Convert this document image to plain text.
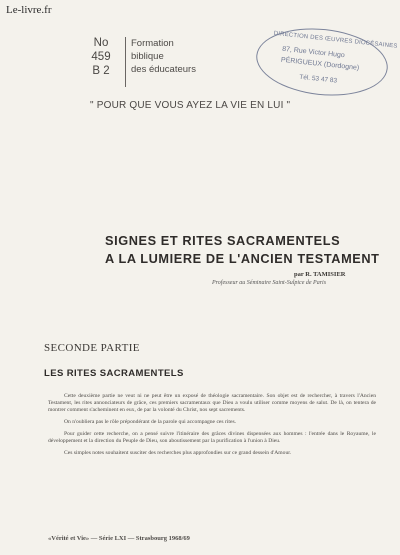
Le-livre.fr
No
459
B 2
Formation
biblique
des éducateurs
DIRECTION DES ŒUVRES DIOCÉSAINES
87, Rue Victor Hugo
PÉRIGUEUX (Dordogne)
Tél. 53 47 83
" POUR QUE VOUS AYEZ LA VIE EN LUI "
SIGNES ET RITES SACRAMENTELS
A LA LUMIERE DE L'ANCIEN TESTAMENT
par R. TAMISIER
Professeur au Séminaire Saint-Sulpice de Paris
SECONDE PARTIE
LES RITES SACRAMENTELS

Cette deuxième partie ne veut ni ne peut être un exposé de théologie sacramentaire. Son objet est de rechercher, à travers l'Ancien Testament, les rites annonciateurs de grâce, ces premiers sacramentaux que Dieu a voulu utiliser comme moyens de salut. De là, on tentera de montrer comment s'acheminent en eux, de par la volonté du Christ, nos sept sacrements.

On n'oubliera pas le rôle prépondérant de la parole qui accompagne ces rites.

Pour guider cette recherche, on a pensé suivre l'itinéraire des grâces divines dispensées aux hommes : l'entrée dans le Royaume, le développement et la direction du Peuple de Dieu, son aboutissement par la purification à l'union à Dieu.

Ces simples notes souhaitent susciter des recherches plus approfondies sur ce grand dessein d'Amour.

«Vérité et Vie» — Série LXI — Strasbourg 1968/69
